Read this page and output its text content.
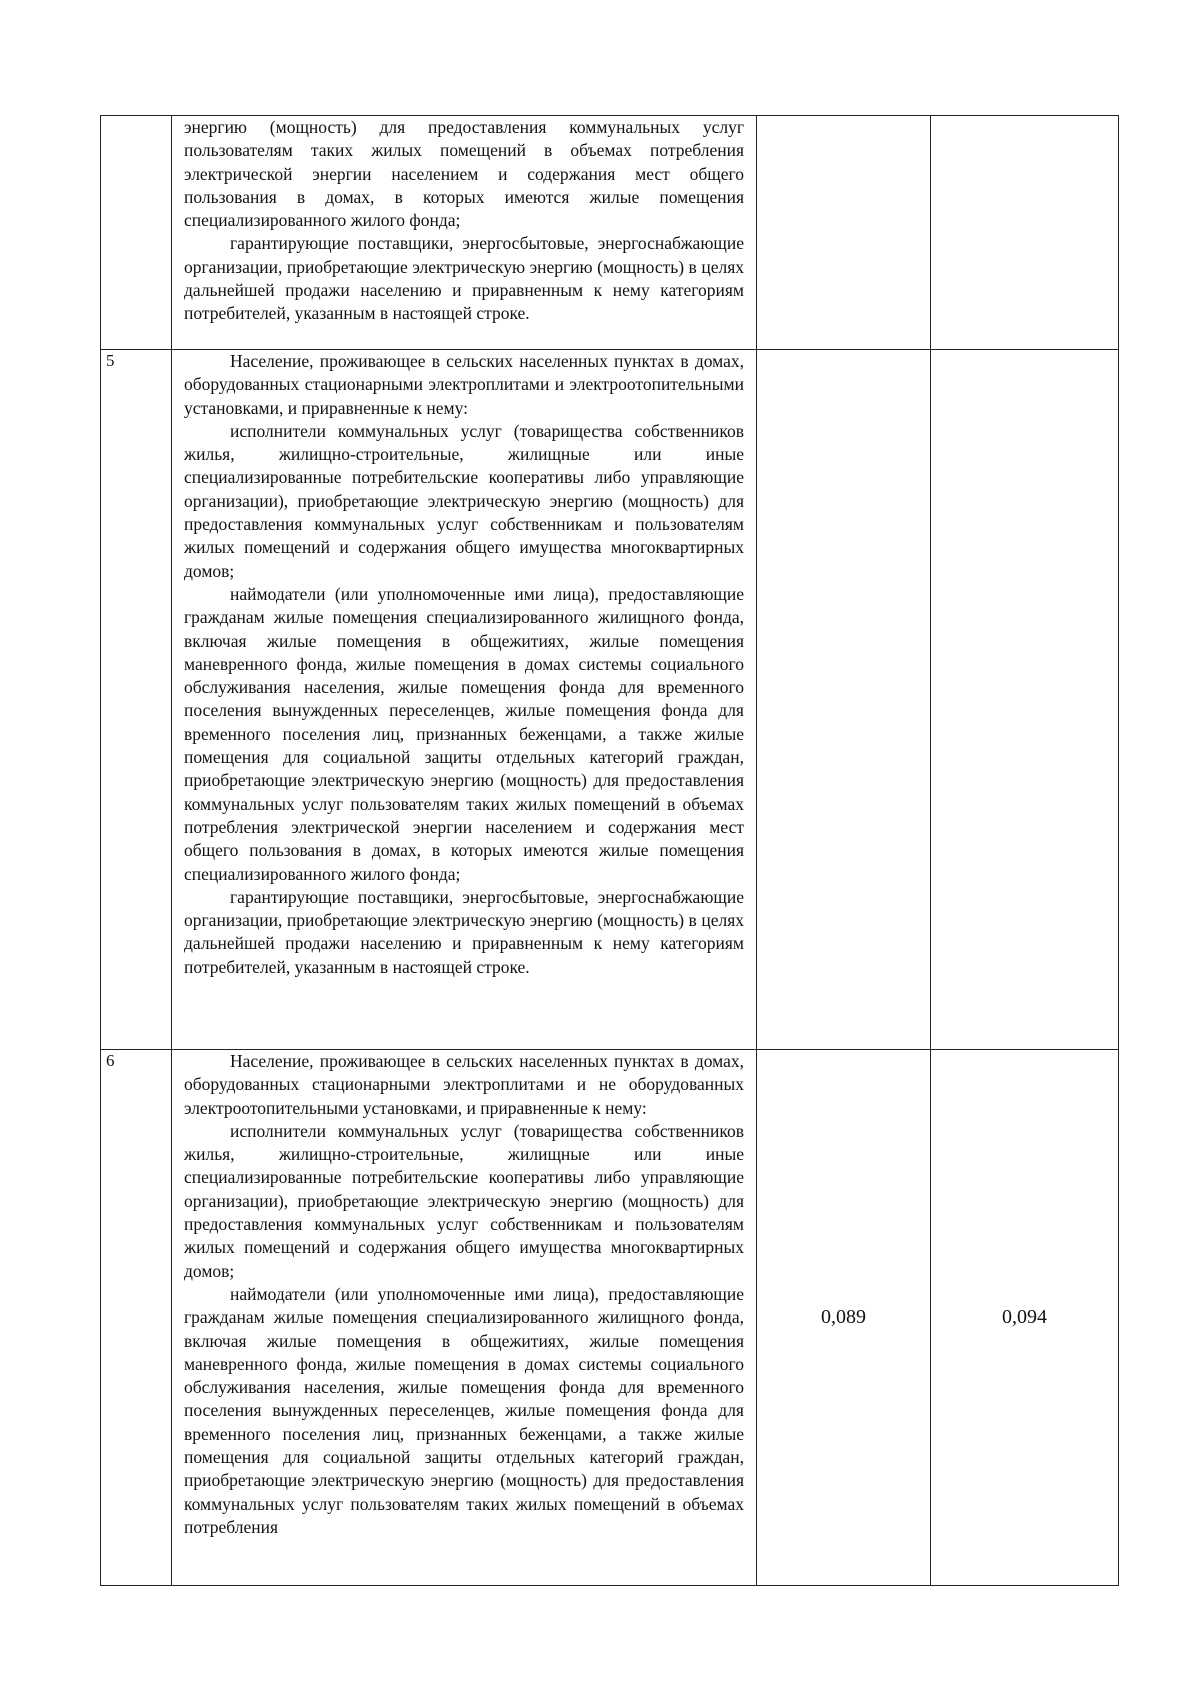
	энергию (мощность) для предоставления коммунальных услуг пользователям таких жилых помещений в объемах потребления электрической энергии населением и содержания мест общего пользования в домах, в которых имеются жилые помещения специализированного жилого фонда;

гарантирующие поставщики, энергосбытовые, энергоснабжающие организации, приобретающие электрическую энергию (мощность) в целях дальнейшей продажи населению и приравненным к нему категориям потребителей, указанным в настоящей строке.		

5	Население, проживающее в сельских населенных пунктах в домах, оборудованных стационарными электроплитами и электроотопительными установками, и приравненные к нему:

исполнители коммунальных услуг (товарищества собственников жилья, жилищно-строительные, жилищные или иные специализированные потребительские кооперативы либо управляющие организации), приобретающие электрическую энергию (мощность) для предоставления коммунальных услуг собственникам и пользователям жилых помещений и содержания общего имущества многоквартирных домов;

наймодатели (или уполномоченные ими лица), предоставляющие гражданам жилые помещения специализированного жилищного фонда, включая жилые помещения в общежитиях, жилые помещения маневренного фонда, жилые помещения в домах системы социального обслуживания населения, жилые помещения фонда для временного поселения вынужденных переселенцев, жилые помещения фонда для временного поселения лиц, признанных беженцами, а также жилые помещения для социальной защиты отдельных категорий граждан, приобретающие электрическую энергию (мощность) для предоставления коммунальных услуг пользователям таких жилых помещений в объемах потребления электрической энергии населением и содержания мест общего пользования в домах, в которых имеются жилые помещения специализированного жилого фонда;

гарантирующие поставщики, энергосбытовые, энергоснабжающие организации, приобретающие электрическую энергию (мощность) в целях дальнейшей продажи населению и приравненным к нему категориям потребителей, указанным в настоящей строке.		

6	Население, проживающее в сельских населенных пунктах в домах, оборудованных стационарными электроплитами и не оборудованных электроотопительными установками, и приравненные к нему:

исполнители коммунальных услуг (товарищества собственников жилья, жилищно-строительные, жилищные или иные специализированные потребительские кооперативы либо управляющие организации), приобретающие электрическую энергию (мощность) для предоставления коммунальных услуг собственникам и пользователям жилых помещений и содержания общего имущества многоквартирных домов;

наймодатели (или уполномоченные ими лица), предоставляющие гражданам жилые помещения специализированного жилищного фонда, включая жилые помещения в общежитиях, жилые помещения маневренного фонда, жилые помещения в домах системы социального обслуживания населения, жилые помещения фонда для временного поселения вынужденных переселенцев, жилые помещения фонда для временного поселения лиц, признанных беженцами, а также жилые помещения для социальной защиты отдельных категорий граждан, приобретающие электрическую энергию (мощность) для предоставления коммунальных услуг пользователям таких жилых помещений в объемах потребления	0,089	0,094
